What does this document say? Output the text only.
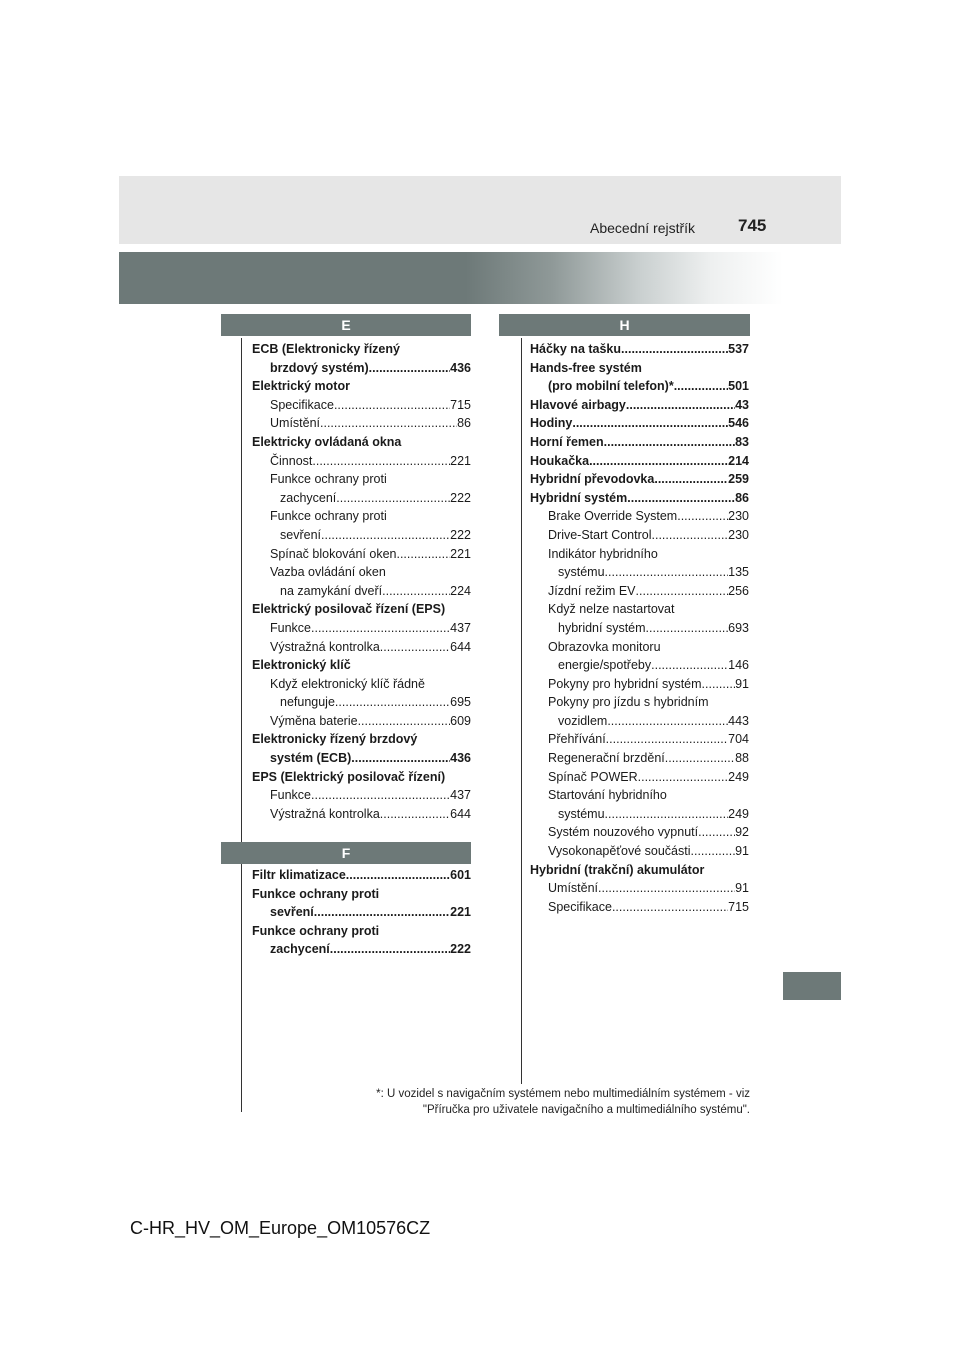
Abecední rejstřík	745
E
ECB (Elektronicky řízený
brzdový systém) .....	436
Elektrický motor
Specifikace .....	715
Umístění .....	86
Elektricky ovládaná okna
Činnost .....	221
Funkce ochrany proti
zachycení .....	222
Funkce ochrany proti
sevření .....	222
Spínač blokování oken .....	221
Vazba ovládání oken
na zamykání dveří .....	224
Elektrický posilovač řízení (EPS)
Funkce .....	437
Výstražná kontrolka .....	644
Elektronický klíč
Když elektronický klíč řádně
nefunguje .....	695
Výměna baterie .....	609
Elektronicky řízený brzdový
systém (ECB) .....	436
EPS (Elektrický posilovač řízení)
Funkce .....	437
Výstražná kontrolka .....	644
F
Filtr klimatizace .....	601
Funkce ochrany proti
sevření .....	221
Funkce ochrany proti
zachycení .....	222
H
Háčky na tašku .....	537
Hands-free systém
(pro mobilní telefon)* .....	501
Hlavové airbagy .....	43
Hodiny .....	546
Horní řemen .....	83
Houkačka .....	214
Hybridní převodovka .....	259
Hybridní systém .....	86
Brake Override System .....	230
Drive-Start Control .....	230
Indikátor hybridního
systému .....	135
Jízdní režim EV .....	256
Když nelze nastartovat
hybridní systém .....	693
Obrazovka monitoru
energie/spotřeby .....	146
Pokyny pro hybridní systém .....	91
Pokyny pro jízdu s hybridním
vozidlem .....	443
Přehřívání .....	704
Regenerační brzdění .....	88
Spínač POWER .....	249
Startování hybridního
systému .....	249
Systém nouzového vypnutí .....	92
Vysokonapěťové součásti .....	91
Hybridní (trakční) akumulátor
Umístění .....	91
Specifikace .....	715
*: U vozidel s navigačním systémem nebo multimediálním systémem - viz
"Příručka pro uživatele navigačního a multimediálního systému".
C-HR_HV_OM_Europe_OM10576CZ
